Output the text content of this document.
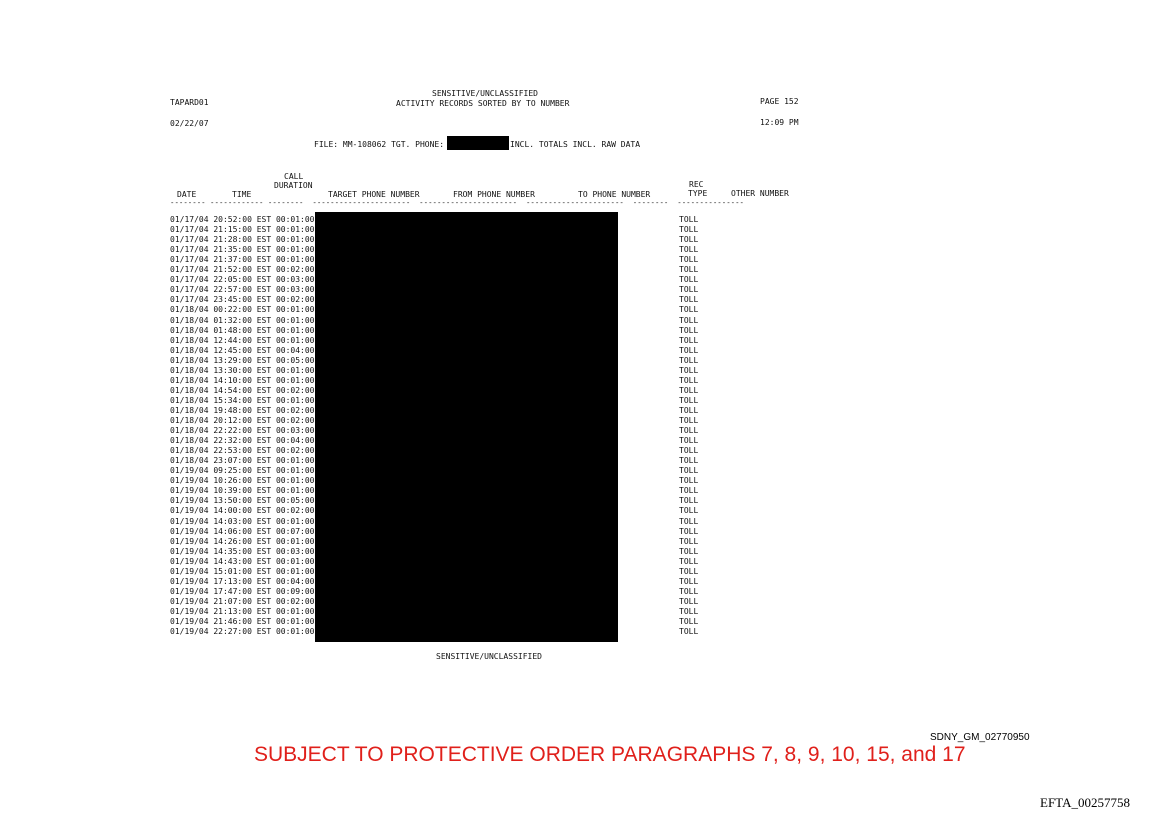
SENSITIVE/UNCLASSIFIED
TAPARD01	ACTIVITY RECORDS SORTED BY TO NUMBER	PAGE 152
02/22/07	12:09 PM
FILE: MM-108062 TGT. PHONE:	INCL. TOTALS INCL. RAW DATA
CALL
DURATION	REC
DATE	TIME	TARGET PHONE NUMBER	FROM PHONE NUMBER	TO PHONE NUMBER	TYPE	OTHER NUMBER
-------- ------------ --------  ----------------------  ----------------------  ----------------------  --------  ---------------
01/17/04 20:52:00 EST 00:01:00	TOLL
01/17/04 21:15:00 EST 00:01:00	TOLL
01/17/04 21:28:00 EST 00:01:00	TOLL
01/17/04 21:35:00 EST 00:01:00	TOLL
01/17/04 21:37:00 EST 00:01:00	TOLL
01/17/04 21:52:00 EST 00:02:00	TOLL
01/17/04 22:05:00 EST 00:03:00	TOLL
01/17/04 22:57:00 EST 00:03:00	TOLL
01/17/04 23:45:00 EST 00:02:00	TOLL
01/18/04 00:22:00 EST 00:01:00	TOLL
01/18/04 01:32:00 EST 00:01:00	TOLL
01/18/04 01:48:00 EST 00:01:00	TOLL
01/18/04 12:44:00 EST 00:01:00	TOLL
01/18/04 12:45:00 EST 00:04:00	TOLL
01/18/04 13:29:00 EST 00:05:00	TOLL
01/18/04 13:30:00 EST 00:01:00	TOLL
01/18/04 14:10:00 EST 00:01:00	TOLL
01/18/04 14:54:00 EST 00:02:00	TOLL
01/18/04 15:34:00 EST 00:01:00	TOLL
01/18/04 19:48:00 EST 00:02:00	TOLL
01/18/04 20:12:00 EST 00:02:00	TOLL
01/18/04 22:22:00 EST 00:03:00	TOLL
01/18/04 22:32:00 EST 00:04:00	TOLL
01/18/04 22:53:00 EST 00:02:00	TOLL
01/18/04 23:07:00 EST 00:01:00	TOLL
01/19/04 09:25:00 EST 00:01:00	TOLL
01/19/04 10:26:00 EST 00:01:00	TOLL
01/19/04 10:39:00 EST 00:01:00	TOLL
01/19/04 13:50:00 EST 00:05:00	TOLL
01/19/04 14:00:00 EST 00:02:00	TOLL
01/19/04 14:03:00 EST 00:01:00	TOLL
01/19/04 14:06:00 EST 00:07:00	TOLL
01/19/04 14:26:00 EST 00:01:00	TOLL
01/19/04 14:35:00 EST 00:03:00	TOLL
01/19/04 14:43:00 EST 00:01:00	TOLL
01/19/04 15:01:00 EST 00:01:00	TOLL
01/19/04 17:13:00 EST 00:04:00	TOLL
01/19/04 17:47:00 EST 00:09:00	TOLL
01/19/04 21:07:00 EST 00:02:00	TOLL
01/19/04 21:13:00 EST 00:01:00	TOLL
01/19/04 21:46:00 EST 00:01:00	TOLL
01/19/04 22:27:00 EST 00:01:00	TOLL
SENSITIVE/UNCLASSIFIED
SDNY_GM_02770950
SUBJECT TO PROTECTIVE ORDER PARAGRAPHS 7, 8, 9, 10, 15, and 17
EFTA_00257758
